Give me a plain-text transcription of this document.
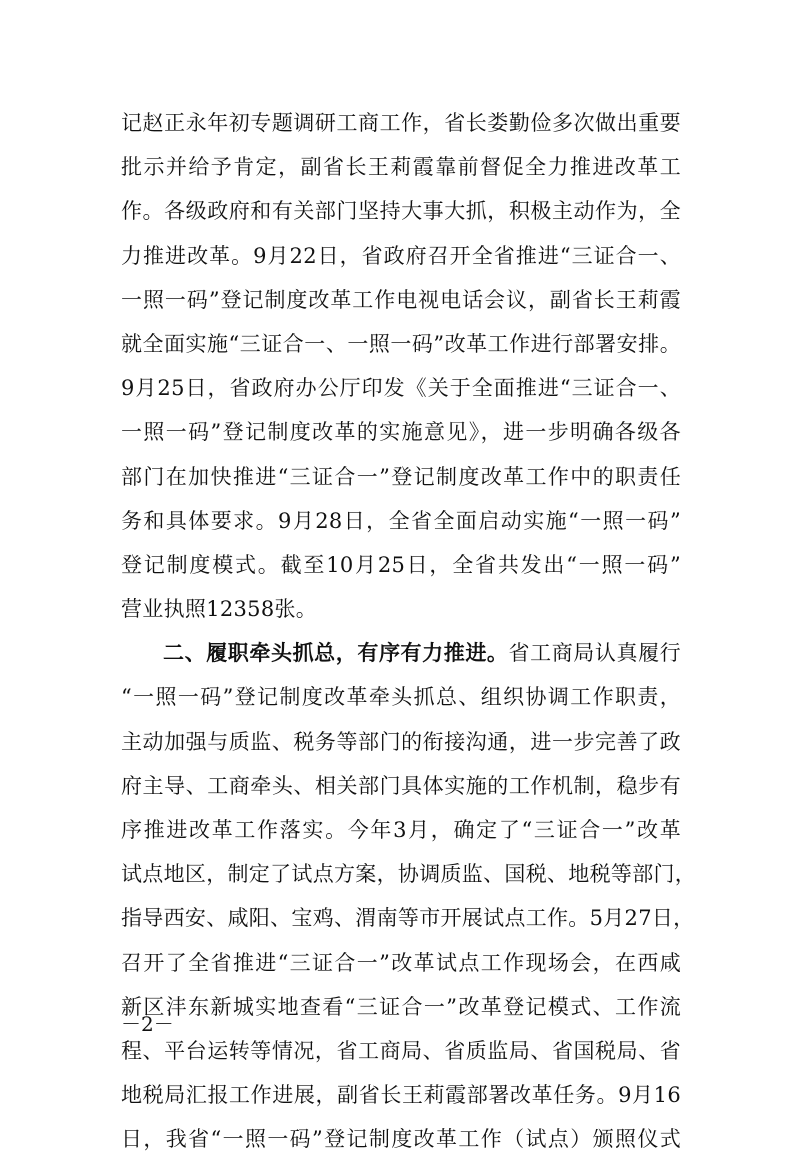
记赵正永年初专题调研工商工作，省长娄勤俭多次做出重要
批示并给予肯定，副省长王莉霞靠前督促全力推进改革工
作。各级政府和有关部门坚持大事大抓，积极主动作为，全
力推进改革。9月22日，省政府召开全省推进“三证合一、
一照一码”登记制度改革工作电视电话会议，副省长王莉霞
就全面实施“三证合一、一照一码”改革工作进行部署安排。
9月25日，省政府办公厅印发《关于全面推进“三证合一、
一照一码”登记制度改革的实施意见》，进一步明确各级各
部门在加快推进“三证合一”登记制度改革工作中的职责任
务和具体要求。9月28日，全省全面启动实施“一照一码”
登记制度模式。截至10月25日，全省共发出“一照一码”
营业执照12358张。
二、履职牵头抓总，有序有力推进。省工商局认真履行
“一照一码”登记制度改革牵头抓总、组织协调工作职责，
主动加强与质监、税务等部门的衔接沟通，进一步完善了政
府主导、工商牵头、相关部门具体实施的工作机制，稳步有
序推进改革工作落实。今年3月，确定了“三证合一”改革
试点地区，制定了试点方案，协调质监、国税、地税等部门，
指导西安、咸阳、宝鸡、渭南等市开展试点工作。5月27日，
召开了全省推进“三证合一”改革试点工作现场会，在西咸
新区沣东新城实地查看“三证合一”改革登记模式、工作流
程、平台运转等情况，省工商局、省质监局、省国税局、省
地税局汇报工作进展，副省长王莉霞部署改革任务。9月16
日，我省“一照一码”登记制度改革工作（试点）颁照仪式
－2－
